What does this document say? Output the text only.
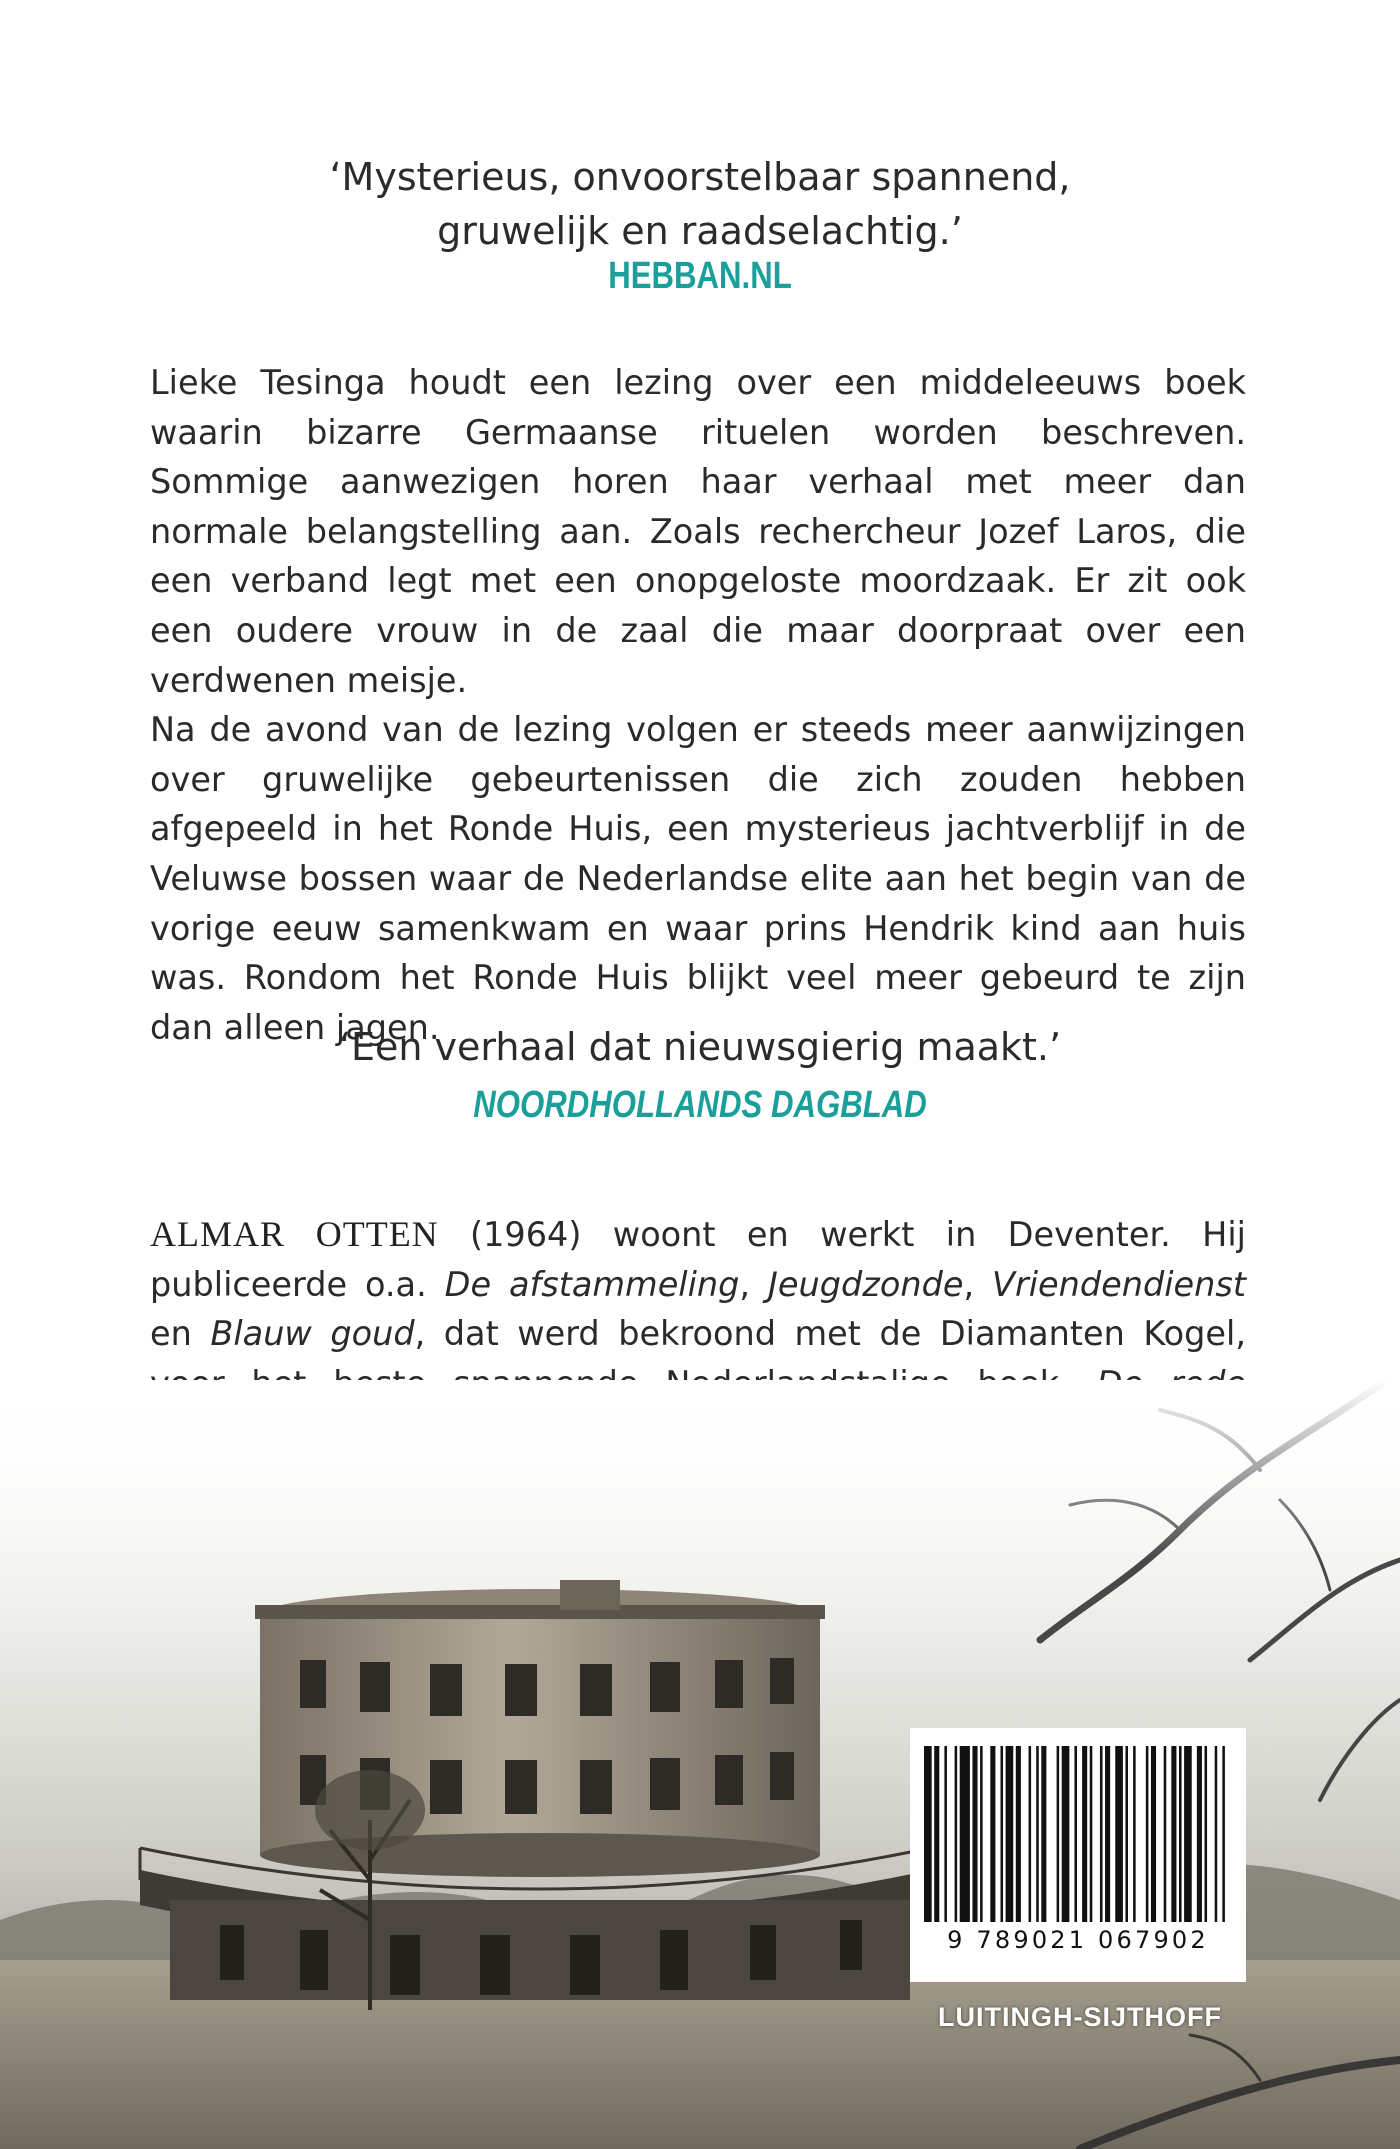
‘Mysterieus, onvoorstelbaar spannend,
gruwelijk en raadselachtig.’
HEBBAN.NL

Lieke Tesinga houdt een lezing over een middeleeuws boek waarin bizarre Germaanse rituelen worden beschreven. Sommige aanwezigen horen haar verhaal met meer dan normale belangstelling aan. Zoals rechercheur Jozef Laros, die een verband legt met een onopgeloste moordzaak. Er zit ook een oudere vrouw in de zaal die maar doorpraat over een verdwenen meisje.

Na de avond van de lezing volgen er steeds meer aanwijzingen over gruwelijke gebeurtenissen die zich zouden hebben afgepeeld in het Ronde Huis, een mysterieus jachtverblijf in de Veluwse bossen waar de Nederlandse elite aan het begin van de vorige eeuw samenkwam en waar prins Hendrik kind aan huis was. Rondom het Ronde Huis blijkt veel meer gebeurd te zijn dan alleen jagen.

‘Een verhaal dat nieuwsgierig maakt.’
NOORDHOLLANDS DAGBLAD
ALMAR OTTEN (1964) woont en werkt in Deventer. Hij publiceerde o.a. De afstammeling, Jeugdzonde, Vriendendienst en Blauw goud, dat werd bekroond met de Diamanten Kogel,
9 789021 067902
LUITINGH-SIJTHOFF
